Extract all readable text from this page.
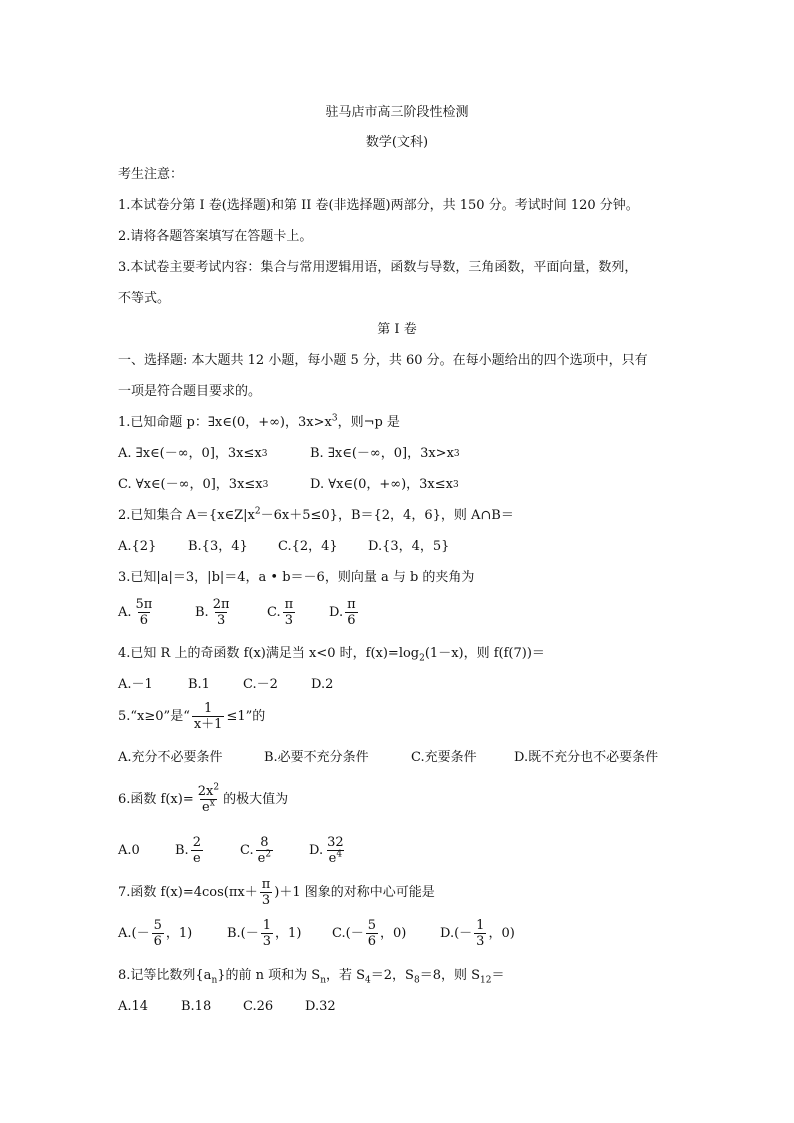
驻马店市高三阶段性检测
数学(文科)
考生注意：
1.本试卷分第 I 卷(选择题)和第 II 卷(非选择题)两部分，共 150 分。考试时间 120 分钟。
2.请将各题答案填写在答题卡上。
3.本试卷主要考试内容：集合与常用逻辑用语，函数与导数，三角函数，平面向量，数列，
不等式。
第 I 卷
一、选择题: 本大题共 12 小题，每小题 5 分，共 60 分。在每小题给出的四个选项中，只有
一项是符合题目要求的。
1.已知命题 p：∃x∈(0，+∞)，$3x>x^3$，则¬p 是
A. ∃x∈(－∞，0]，3x≤x 3	B. ∃x∈(－∞，0]，3x>x 3
C. ∀x∈(－∞，0]，3x≤x 3	D. ∀x∈(0，+∞)，3x≤x 3
2.已知集合 $A=\{x\in Z|x^2-6x+5\le 0\}$，B＝{2，4，6}，则 A∩B＝
A.{2}	B.{3，4}	C.{2，4}	D.{3，4，5}
3.已知|a|＝3，|b|＝4，a • b＝－6，则向量 a 与 b 的夹角为
A. $\frac{5\pi}{6}$	B. $\frac{2\pi}{3}$	C. $\frac{\pi}{3}$	D. $\frac{\pi}{6}$
4.已知 R 上的奇函数 f(x)满足当 x<0 时，$f(x)=\log_2(1-x)$，则 f(f(7))＝
A.－1	B.1	C.－2	D.2
5.“x≥0”是“ $\frac{1}{x+1} \le 1$”的
A.充分不必要条件	B.必要不充分条件	C.充要条件	D.既不充分也不必要条件
6.函数 $f(x)= \frac{2x^2}{e^x}$ 的极大值为
A.0	B. $\frac{2}{e}$	C. $\frac{8}{e^2}$	D. $\frac{32}{e^4}$
7.函数 $f(x)=4\cos(\pi x+ \frac{\pi}{3} )+1$ 图象的对称中心可能是
$A.(- \frac{5}{6}$ ，1)	$B.(- \frac{1}{3}$ ，1) $C.(- \frac{5}{6}$ ，0)	$D.(- \frac{1}{3}$ ，0)
8.记等比数列$\{a_n\}$的前 n 项和为 $S_n$，若 $S_4=2$，$S_8=8$，则 $S_{12}=$
A.14	B.18	C.26	D.32
